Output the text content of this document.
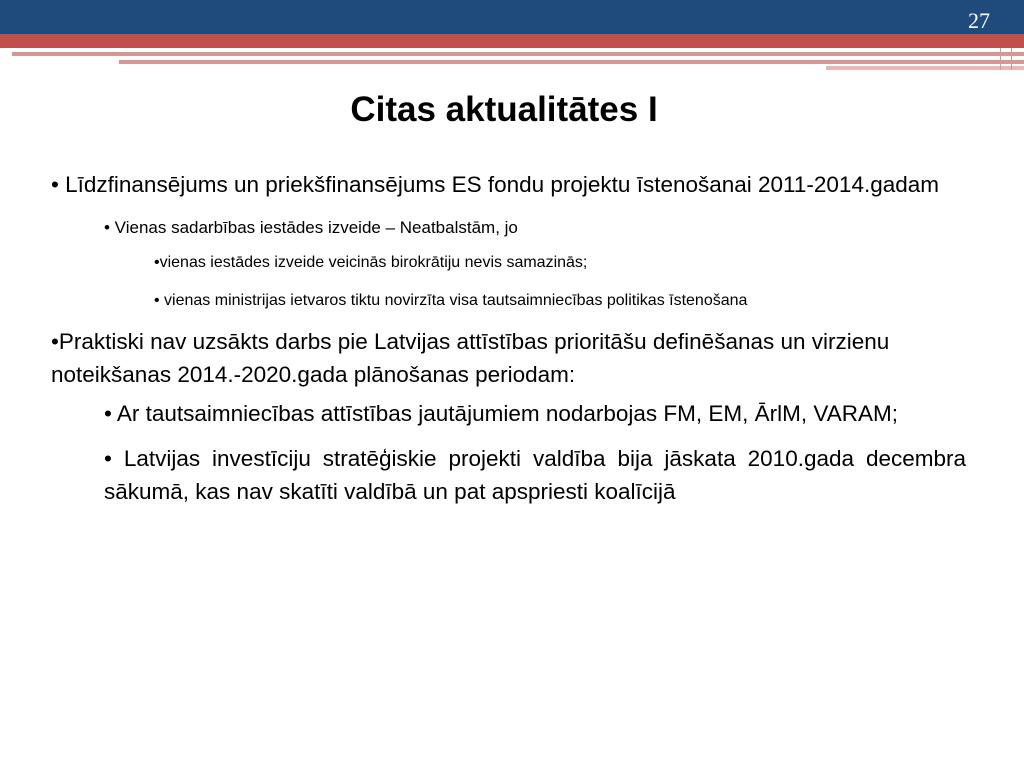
27
Citas aktualitātes I

• Līdzfinansējums un priekšfinansējums ES fondu projektu īstenošanai 2011-2014.gadam

• Vienas sadarbības iestādes izveide – Neatbalstām, jo

•vienas iestādes izveide veicinās birokrātiju nevis samazinās;

• vienas ministrijas ietvaros tiktu novirzīta visa tautsaimniecības politikas īstenošana

•Praktiski nav uzsākts darbs pie Latvijas attīstības prioritāšu definēšanas un virzienu noteikšanas 2014.-2020.gada plānošanas periodam:

• Ar tautsaimniecības attīstības jautājumiem nodarbojas FM, EM, ĀrlM, VARAM;

• Latvijas investīciju stratēģiskie projekti valdība bija jāskata 2010.gada decembra sākumā, kas nav skatīti valdībā un pat apspriesti koalīcijā
